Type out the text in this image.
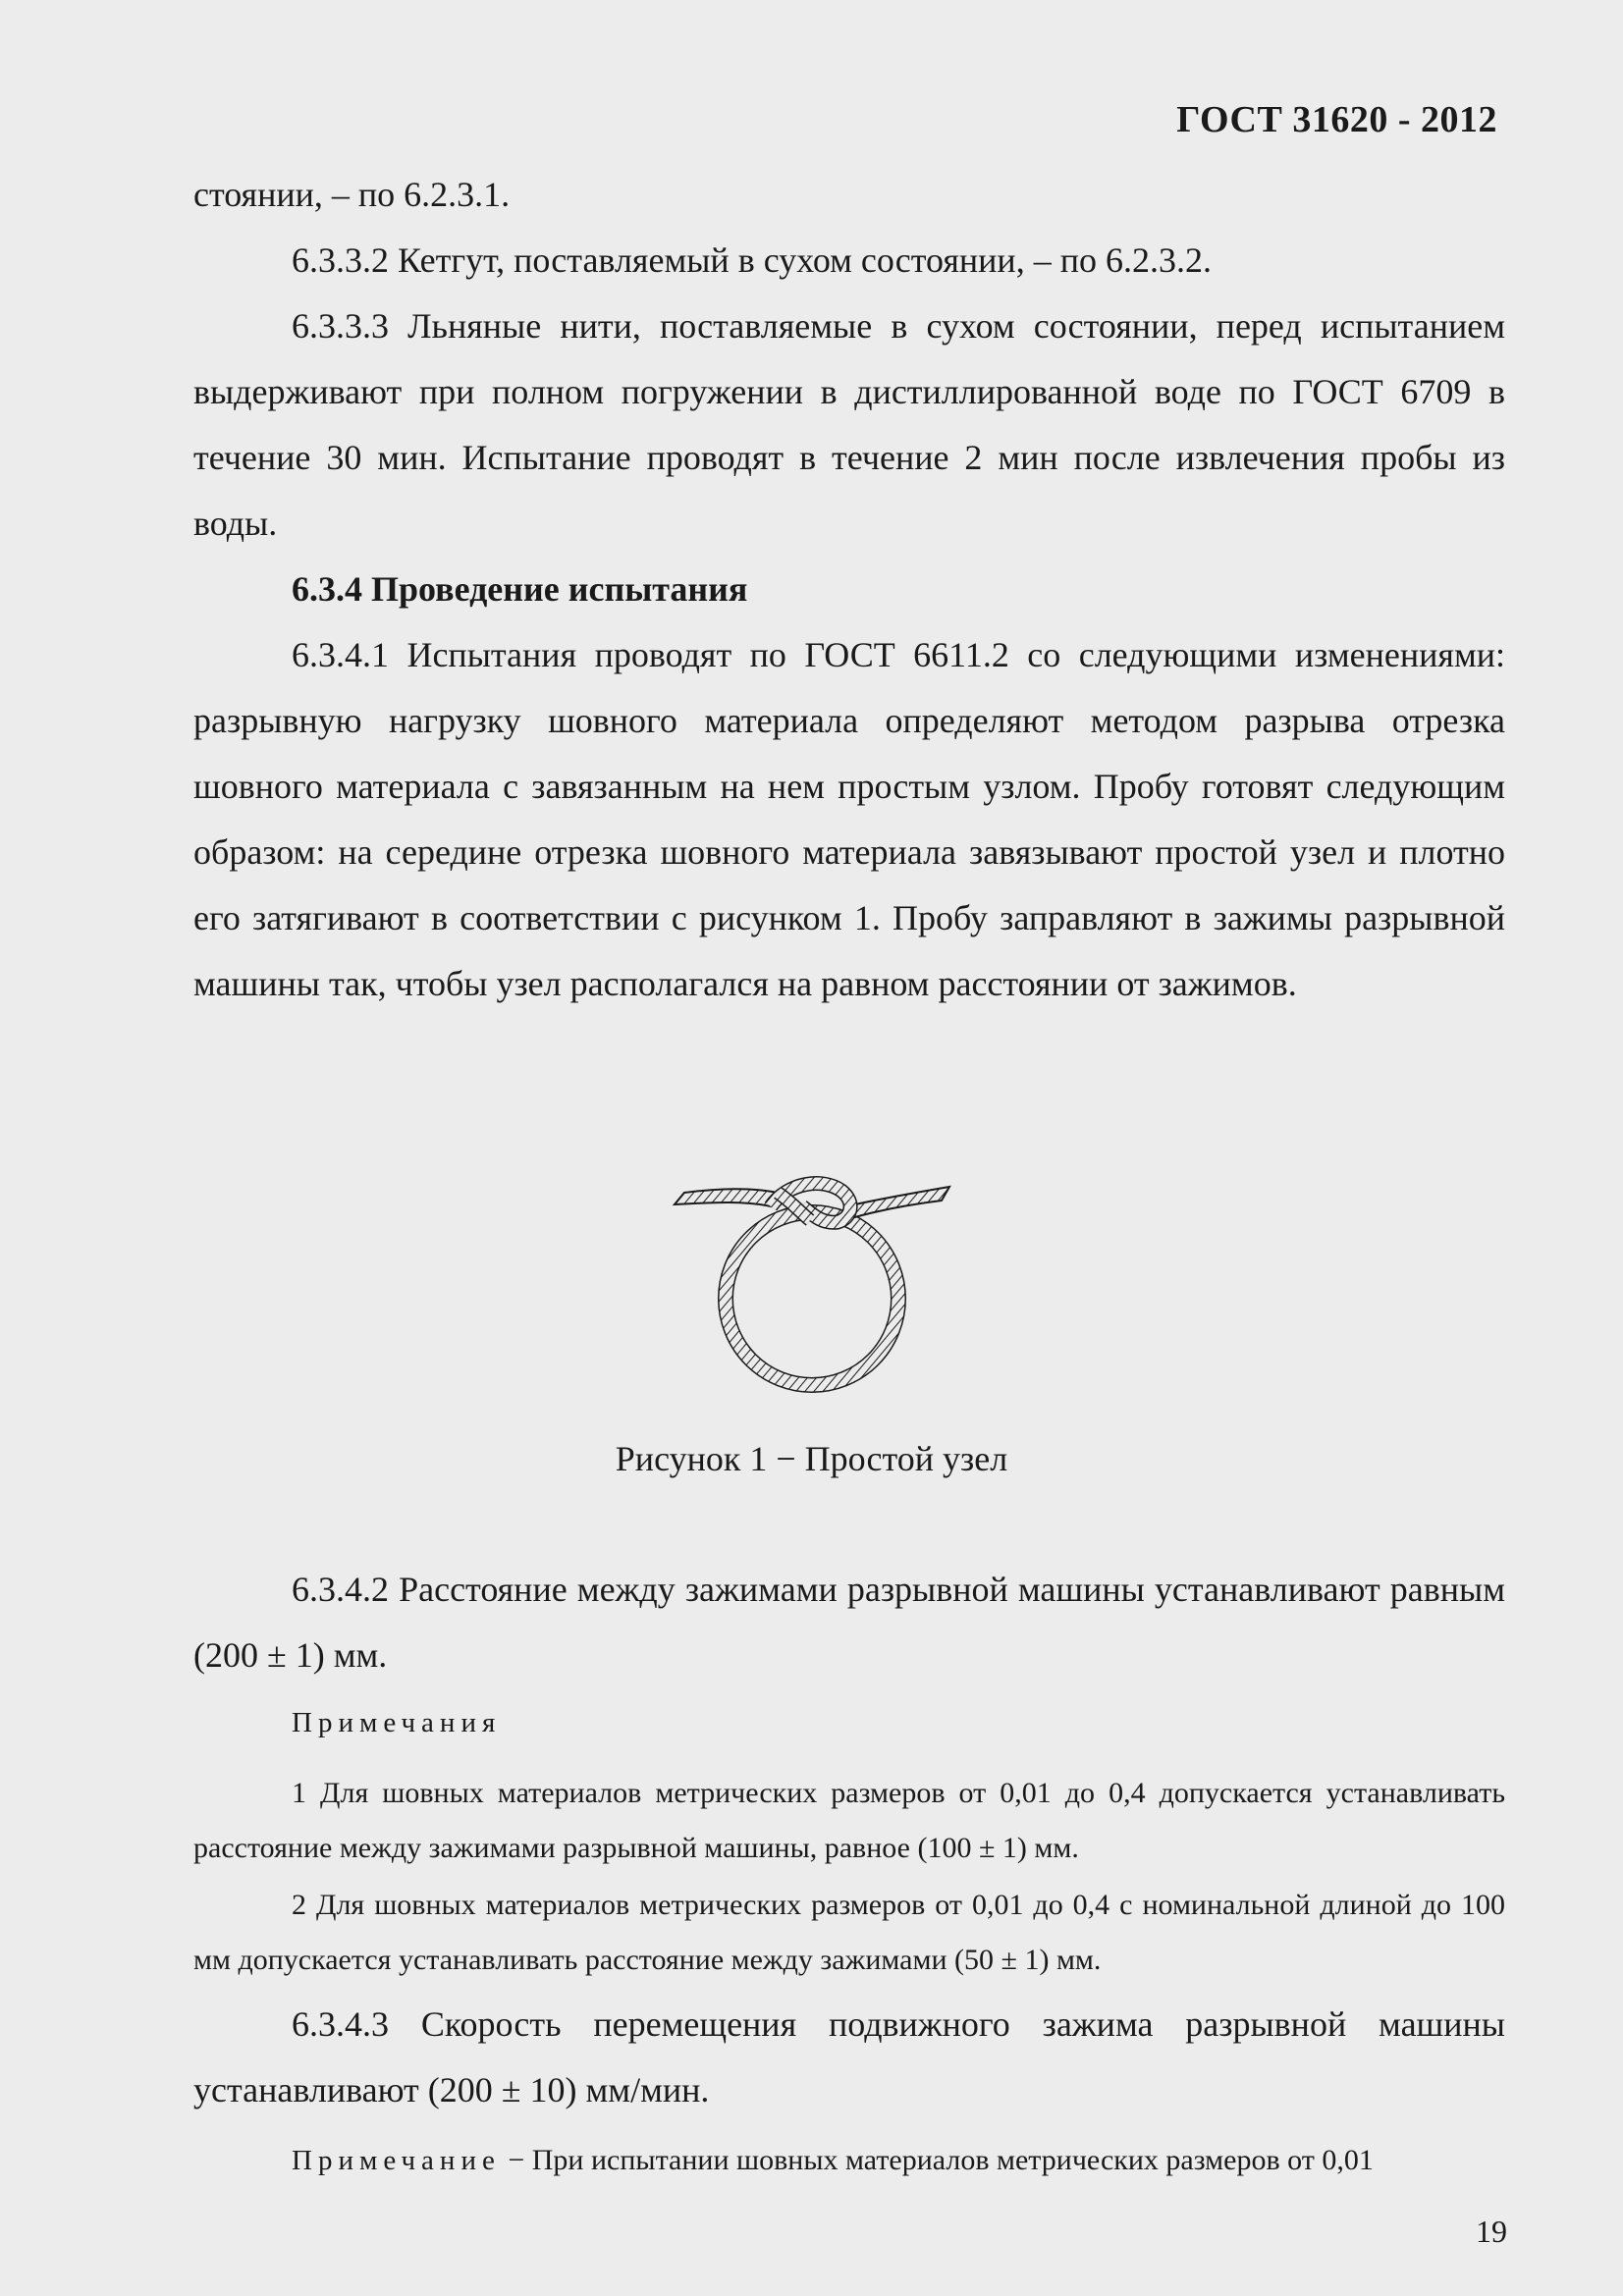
ГОСТ 31620 - 2012

стоянии, – по 6.2.3.1.

6.3.3.2 Кетгут, поставляемый в сухом состоянии, – по 6.2.3.2.

6.3.3.3 Льняные нити, поставляемые в сухом состоянии, перед испытанием выдерживают при полном погружении в дистиллированной воде по ГОСТ 6709 в течение 30 мин. Испытание проводят в течение 2 мин после извлечения пробы из воды.

6.3.4 Проведение испытания

6.3.4.1 Испытания проводят по ГОСТ 6611.2 со следующими изменениями: разрывную нагрузку шовного материала определяют методом разрыва отрезка шовного материала с завязанным на нем простым узлом. Пробу готовят следующим образом: на середине отрезка шовного материала завязывают простой узел и плотно его затягивают в соответствии с рисунком 1. Пробу заправляют в зажимы разрывной машины так, чтобы узел располагался на равном расстоянии от зажимов.

Рисунок 1 − Простой узел

6.3.4.2 Расстояние между зажимами разрывной машины устанавливают равным (200 ± 1) мм.

Примечания

1 Для шовных материалов метрических размеров от 0,01 до 0,4 допускается устанавливать расстояние между зажимами разрывной машины, равное (100 ± 1) мм.

2 Для шовных материалов метрических размеров от 0,01 до 0,4 с номинальной длиной до 100 мм допускается устанавливать расстояние между зажимами (50 ± 1) мм.

6.3.4.3 Скорость перемещения подвижного зажима разрывной машины устанавливают (200 ± 10) мм/мин.

Примечание − При испытании шовных материалов метрических размеров от 0,01

19
